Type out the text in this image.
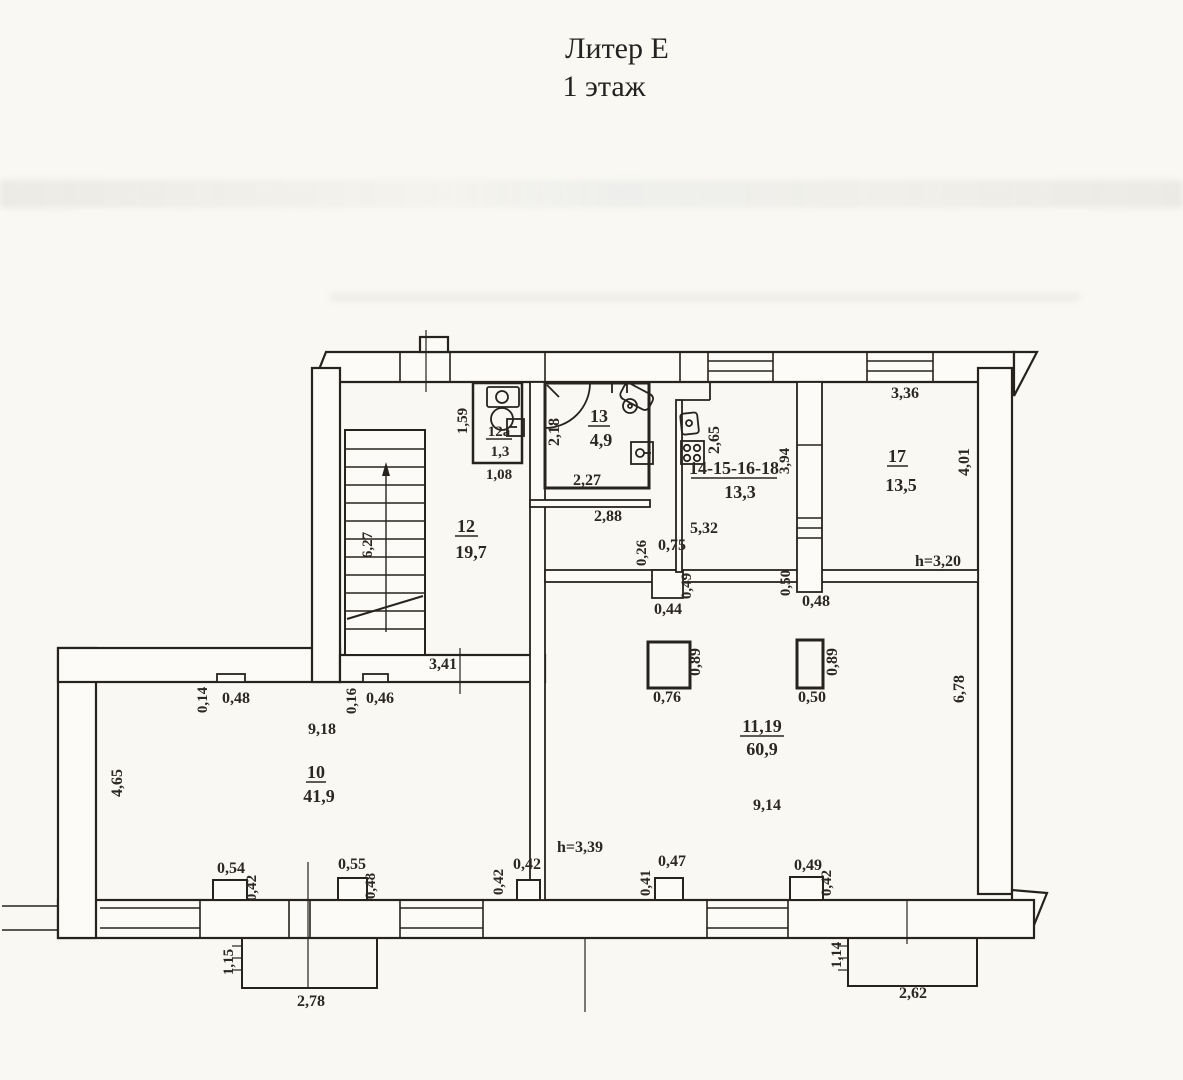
Литер Е
1 этаж
12а
1,3
13
4,9
14-15-16-18
13,3
17
13,5
12
19,7
10
41,9
11,19
60,9
1,59
1,08
2,18
2,27
2,88
2,65
3,94
3,36
4,01
h=3,20
5,32
0,26 0,75
0,49
0,44
0,50
0,48
0,89
0,76
0,89
0,50
3,41
6,27
0,14 0,48	0,16 0,46
9,18
4,65
9,14
6,78
h=3,39
0,54
0,42
0,55
0,48	0,42
0,42
0,41
0,47	0,49
0,42
1,15
2,78
1,14
2,62
